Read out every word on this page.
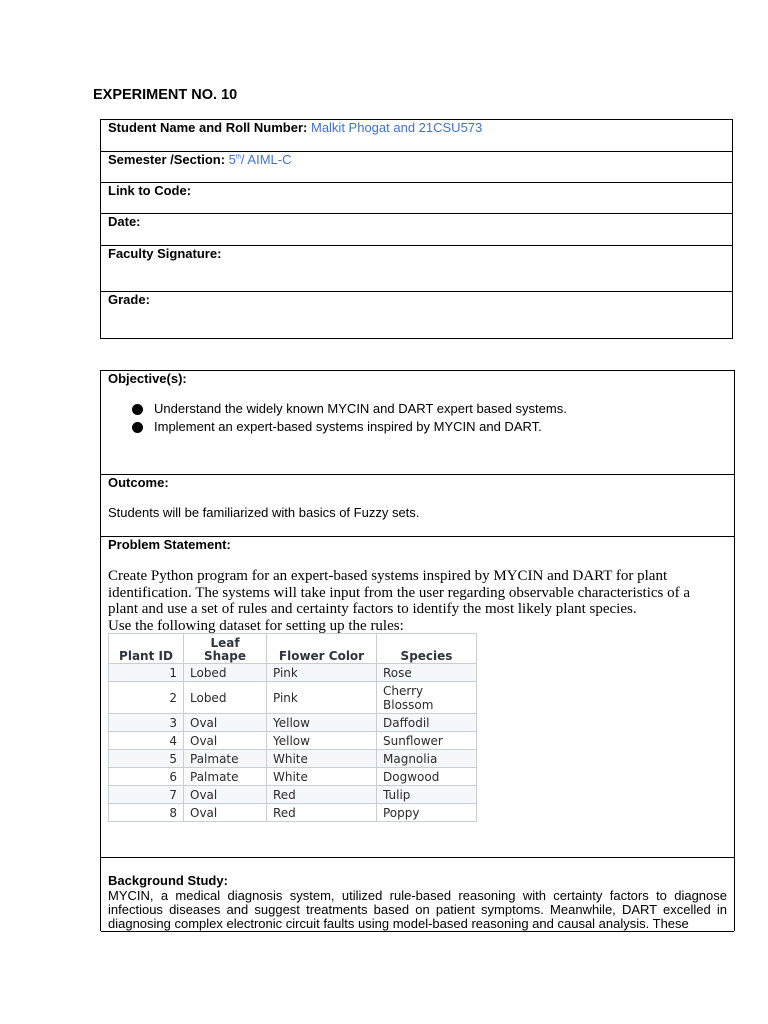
EXPERIMENT NO. 10
Student Name and Roll Number: Malkit Phogat and 21CSU573
Semester /Section: 5th/ AIML-C
Link to Code:
Date:
Faculty Signature:
Grade:
Objective(s):
Understand the widely known MYCIN and DART expert based systems.
Implement an expert-based systems inspired by MYCIN and DART.
Outcome:
Students will be familiarized with basics of Fuzzy sets.
Problem Statement:
Create Python program for an expert-based systems inspired by MYCIN and DART for plant identification. The systems will take input from the user regarding observable characteristics of a plant and use a set of rules and certainty factors to identify the most likely plant species.
Use the following dataset for setting up the rules:
Plant ID	Leaf Shape	Flower Color	Species
1	Lobed	Pink	Rose
2	Lobed	Pink	Cherry Blossom
3	Oval	Yellow	Daffodil
4	Oval	Yellow	Sunflower
5	Palmate	White	Magnolia
6	Palmate	White	Dogwood
7	Oval	Red	Tulip
8	Oval	Red	Poppy
Background Study:
MYCIN, a medical diagnosis system, utilized rule-based reasoning with certainty factors to diagnose infectious diseases and suggest treatments based on patient symptoms. Meanwhile, DART excelled in diagnosing complex electronic circuit faults using model-based reasoning and causal analysis. These
